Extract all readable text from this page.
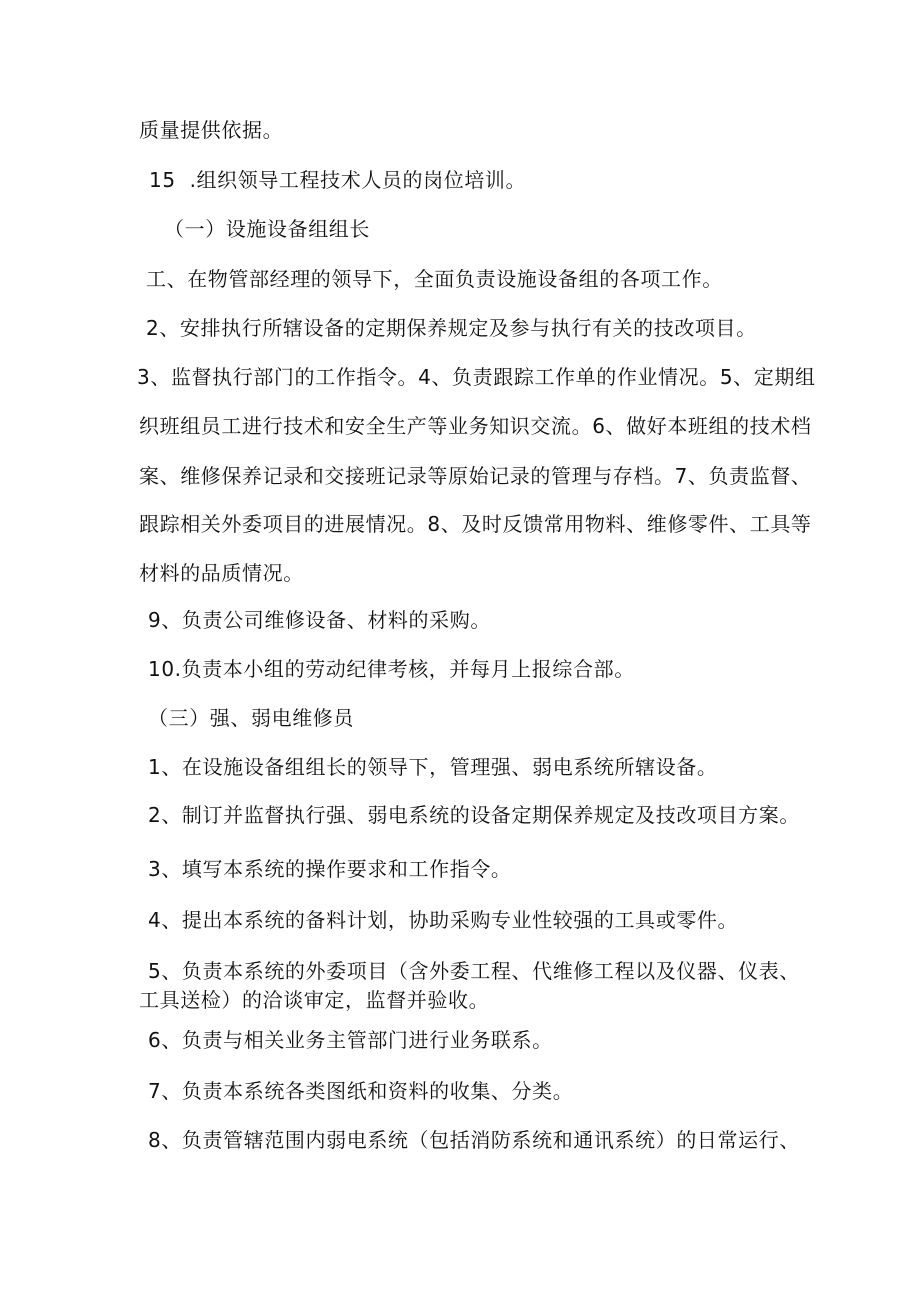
质量提供依据。
15  .组织领导工程技术人员的岗位培训。
（一）设施设备组组长
工、在物管部经理的领导下，全面负责设施设备组的各项工作。
2、安排执行所辖设备的定期保养规定及参与执行有关的技改项目。
3、监督执行部门的工作指令。4、负责跟踪工作单的作业情况。5、定期组
织班组员工进行技术和安全生产等业务知识交流。6、做好本班组的技术档
案、维修保养记录和交接班记录等原始记录的管理与存档。7、负责监督、
跟踪相关外委项目的进展情况。8、及时反馈常用物料、维修零件、工具等
材料的品质情况。
9、负责公司维修设备、材料的采购。
10.负责本小组的劳动纪律考核，并每月上报综合部。
（三）强、弱电维修员
1、在设施设备组组长的领导下，管理强、弱电系统所辖设备。
2、制订并监督执行强、弱电系统的设备定期保养规定及技改项目方案。
3、填写本系统的操作要求和工作指令。
4、提出本系统的备料计划，协助采购专业性较强的工具或零件。
5、负责本系统的外委项目（含外委工程、代维修工程以及仪器、仪表、
工具送检）的洽谈审定，监督并验收。
6、负责与相关业务主管部门进行业务联系。
7、负责本系统各类图纸和资料的收集、分类。
8、负责管辖范围内弱电系统（包括消防系统和通讯系统）的日常运行、
